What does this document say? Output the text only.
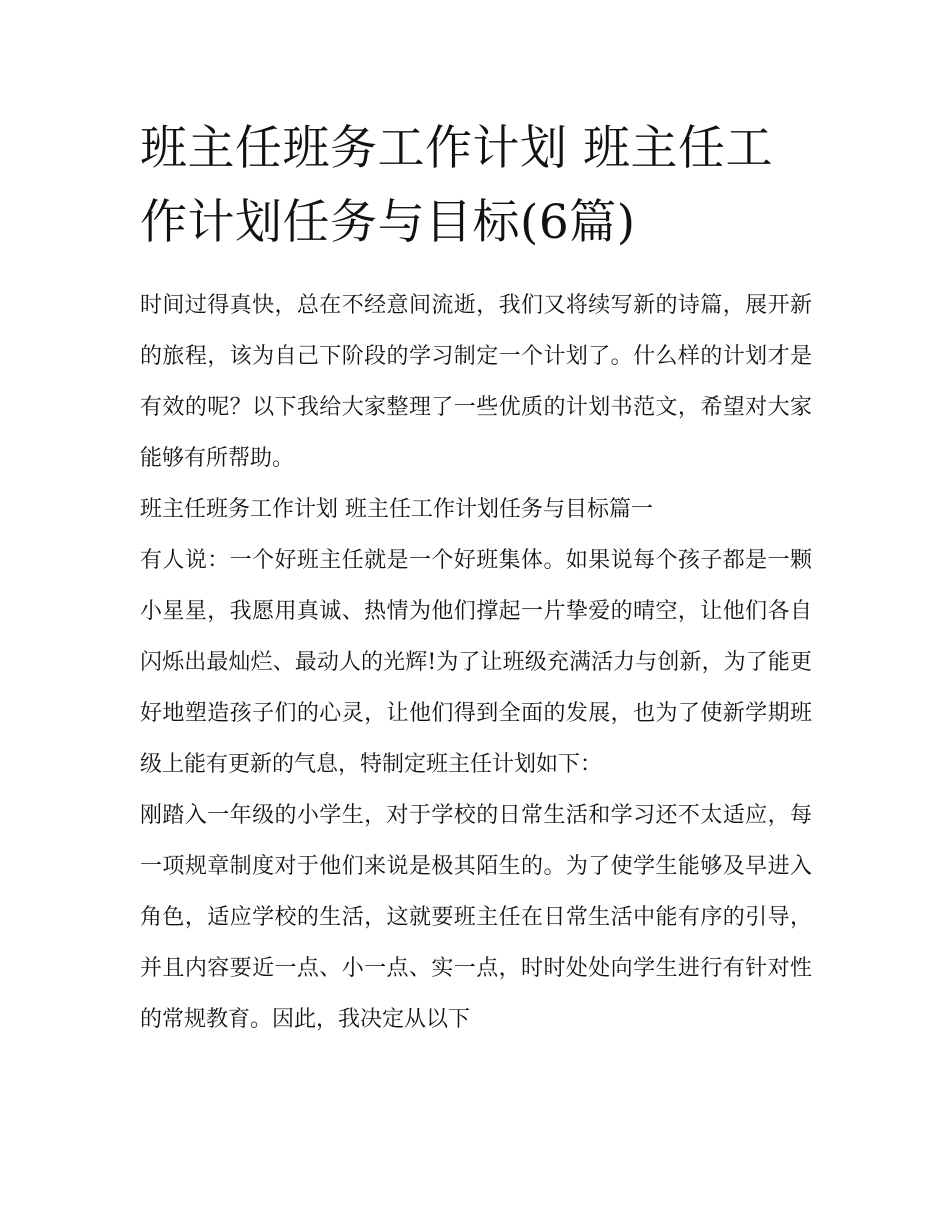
班主任班务工作计划 班主任工作计划任务与目标(6篇)

时间过得真快，总在不经意间流逝，我们又将续写新的诗篇，展开新的旅程，该为自己下阶段的学习制定一个计划了。什么样的计划才是有效的呢？以下我给大家整理了一些优质的计划书范文，希望对大家能够有所帮助。

班主任班务工作计划 班主任工作计划任务与目标篇一

有人说：一个好班主任就是一个好班集体。如果说每个孩子都是一颗小星星，我愿用真诚、热情为他们撑起一片挚爱的晴空，让他们各自闪烁出最灿烂、最动人的光辉!为了让班级充满活力与创新，为了能更好地塑造孩子们的心灵，让他们得到全面的发展，也为了使新学期班级上能有更新的气息，特制定班主任计划如下：

刚踏入一年级的小学生，对于学校的日常生活和学习还不太适应，每一项规章制度对于他们来说是极其陌生的。为了使学生能够及早进入角色，适应学校的生活，这就要班主任在日常生活中能有序的引导，并且内容要近一点、小一点、实一点，时时处处向学生进行有针对性的常规教育。因此，我决定从以下
